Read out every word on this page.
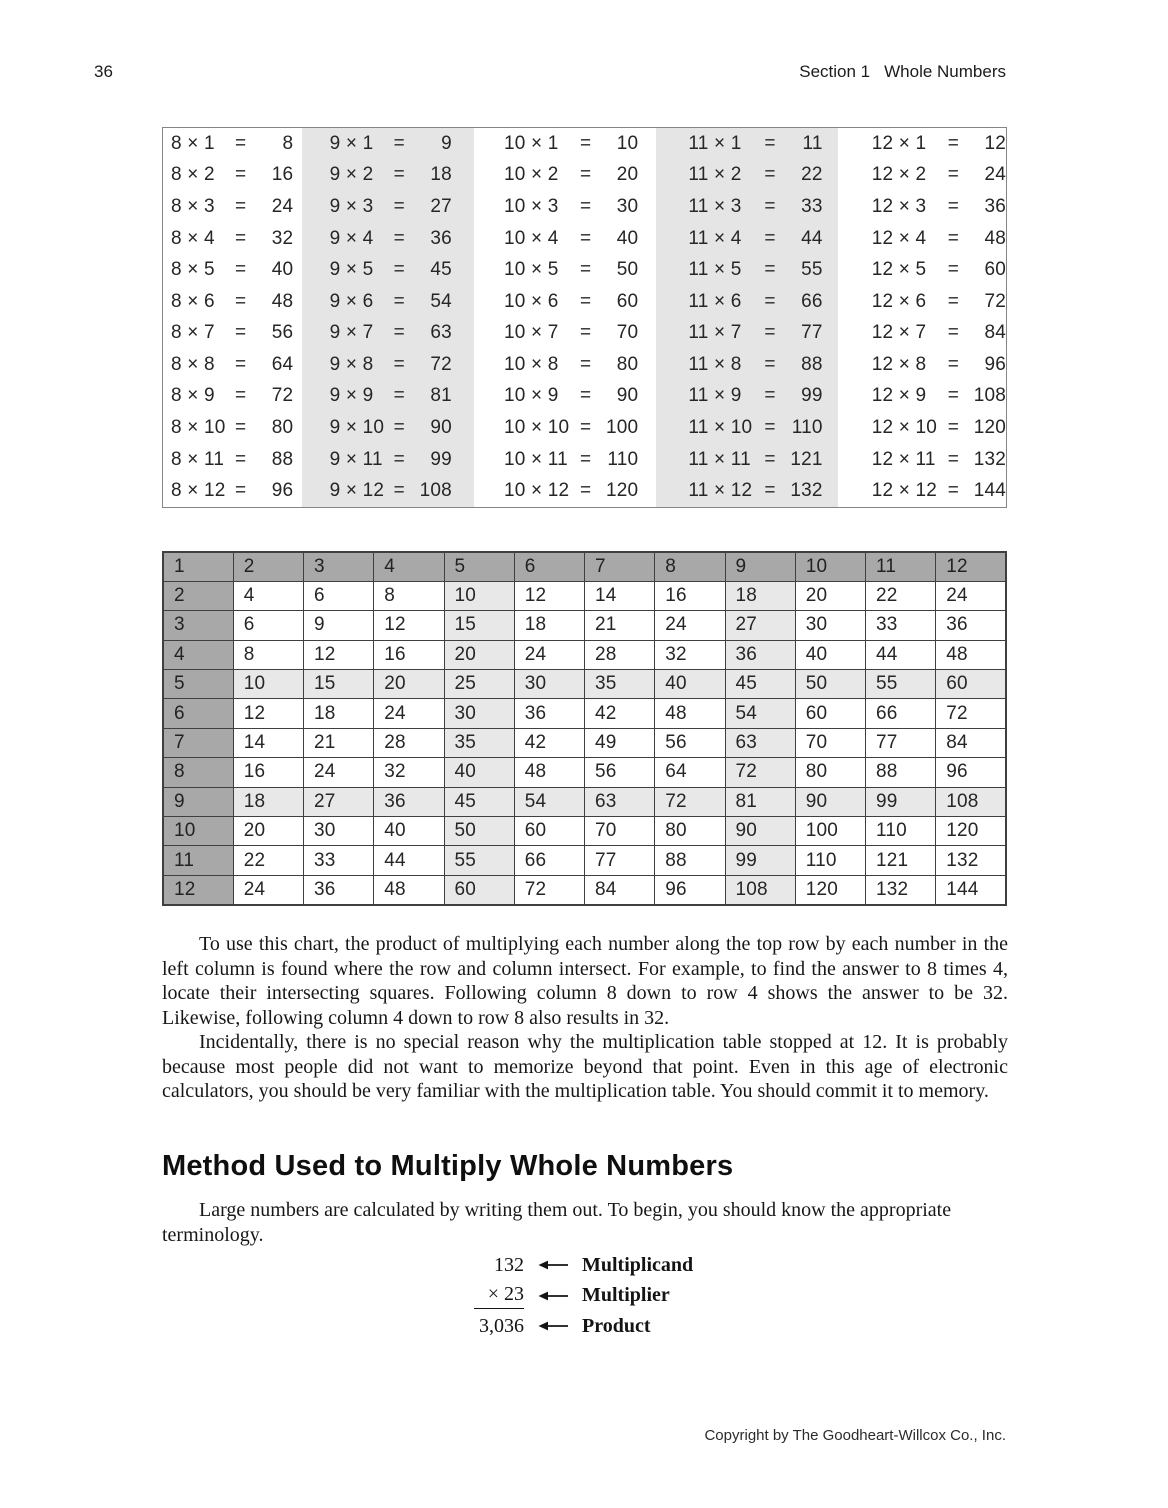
36	Section 1 Whole Numbers
8 × 1	=	8
8 × 2	=	16
8 × 3	=	24
8 × 4	=	32
8 × 5	=	40
8 × 6	=	48
8 × 7	=	56
8 × 8	=	64
8 × 9	=	72
8 × 10 =	80
8 × 11 =	88
8 × 12 =	96
9 × 1	=	9
9 × 2	=	18
9 × 3	=	27
9 × 4	=	36
9 × 5	=	45
9 × 6	=	54
9 × 7	=	63
9 × 8	=	72
9 × 9	=	81
9 × 10 =	90
9 × 11 =	99
9 × 12 = 108
10 × 1	=	10
10 × 2	=	20
10 × 3	=	30
10 × 4	=	40
10 × 5	=	50
10 × 6	=	60
10 × 7	=	70
10 × 8	=	80
10 × 9	=	90
10 × 10 = 100
10 × 11 = 110
10 × 12 = 120
11 × 1	=	11
11 × 2	=	22
11 × 3	=	33
11 × 4	=	44
11 × 5	=	55
11 × 6	=	66
11 × 7	=	77
11 × 8	=	88
11 × 9	=	99
11 × 10 = 110
11 × 11 = 121
11 × 12 = 132
12 × 1	=	12
12 × 2	=	24
12 × 3	=	36
12 × 4	=	48
12 × 5	=	60
12 × 6	=	72
12 × 7	=	84
12 × 8	=	96
12 × 9	= 108
12 × 10 = 120
12 × 11 = 132
12 × 12 = 144
1	2	3	4	5	6	7	8	9	10	11	12
2	4	6	8	10	12	14	16	18	20	22	24
3	6	9	12	15	18	21	24	27	30	33	36
4	8	12	16	20	24	28	32	36	40	44	48
5	10	15	20	25	30	35	40	45	50	55	60
6	12	18	24	30	36	42	48	54	60	66	72
7	14	21	28	35	42	49	56	63	70	77	84
8	16	24	32	40	48	56	64	72	80	88	96
9	18	27	36	45	54	63	72	81	90	99	108
10	20	30	40	50	60	70	80	90	100	110	120
11	22	33	44	55	66	77	88	99	110	121	132
12	24	36	48	60	72	84	96	108	120	132	144

To use this chart, the product of multiplying each number along the top row by each number in the left column is found where the row and column intersect. For example, to find the answer to 8 times 4, locate their intersecting squares. Following column 8 down to row 4 shows the answer to be 32. Likewise, following column 4 down to row 8 also results in 32.

Incidentally, there is no special reason why the multiplication table stopped at 12. It is probably because most people did not want to memorize beyond that point. Even in this age of electronic calculators, you should be very familiar with the multiplication table. You should commit it to memory.

Method Used to Multiply Whole Numbers

Large numbers are calculated by writing them out. To begin, you should know the appropriate terminology.

132	Multiplicand
× 23	Multiplier
3,036	Product
Copyright by The Goodheart-Willcox Co., Inc.
